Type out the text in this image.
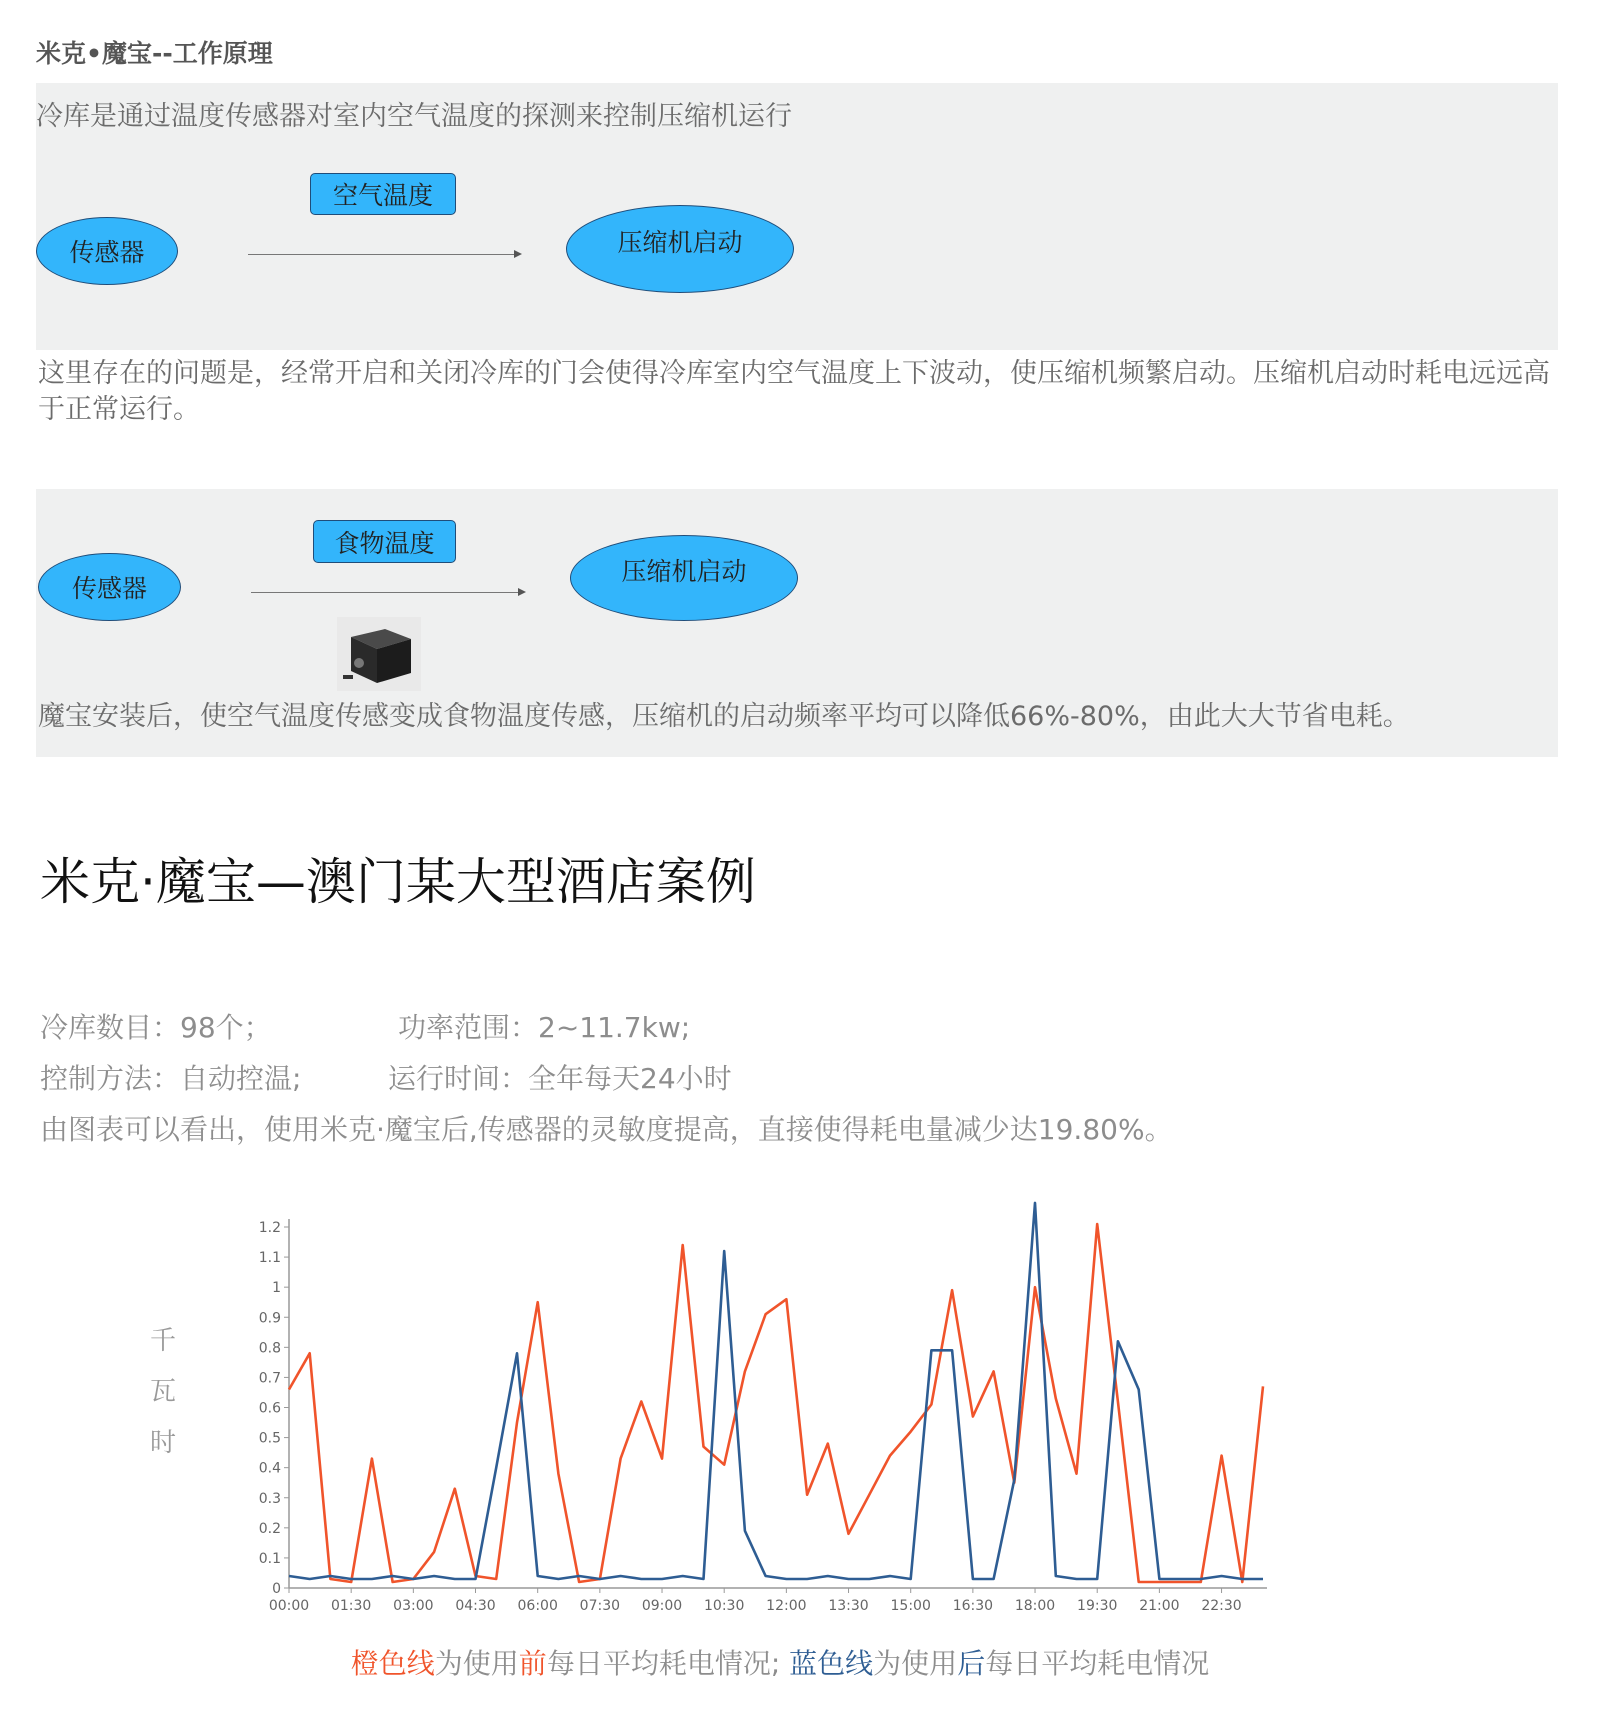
米克•魔宝--工作原理
冷库是通过温度传感器对室内空气温度的探测来控制压缩机运行
空气温度
传感器	压缩机启动
这里存在的问题是，经常开启和关闭冷库的门会使得冷库室内空气温度上下波动，使压缩机频繁启动。压缩机启动时耗电远远高于正常运行。
食物温度
传感器
压缩机启动
魔宝安装后，使空气温度传感变成食物温度传感，压缩机的启动频率平均可以降低66%-80%，由此大大节省电耗。
米克·魔宝—澳门某大型酒店案例
冷库数目：98个；	功率范围：2~11.7kw;
控制方法：自动控温;	运行时间：全年每天24小时
由图表可以看出，使用米克·魔宝后,传感器的灵敏度提高，直接使得耗电量减少达19.80%。
千
瓦
时
0
0.1
0.2
0.3
0.4
0.5
0.6
0.7
0.8
0.9
1
1.1
1.2
00:00 01:30 03:00 04:30 06:00 07:30 09:00 10:30 12:00 13:30 15:00 16:30 18:00 19:30 21:00 22:30
橙色线为使用前每日平均耗电情况; 蓝色线为使用后每日平均耗电情况
